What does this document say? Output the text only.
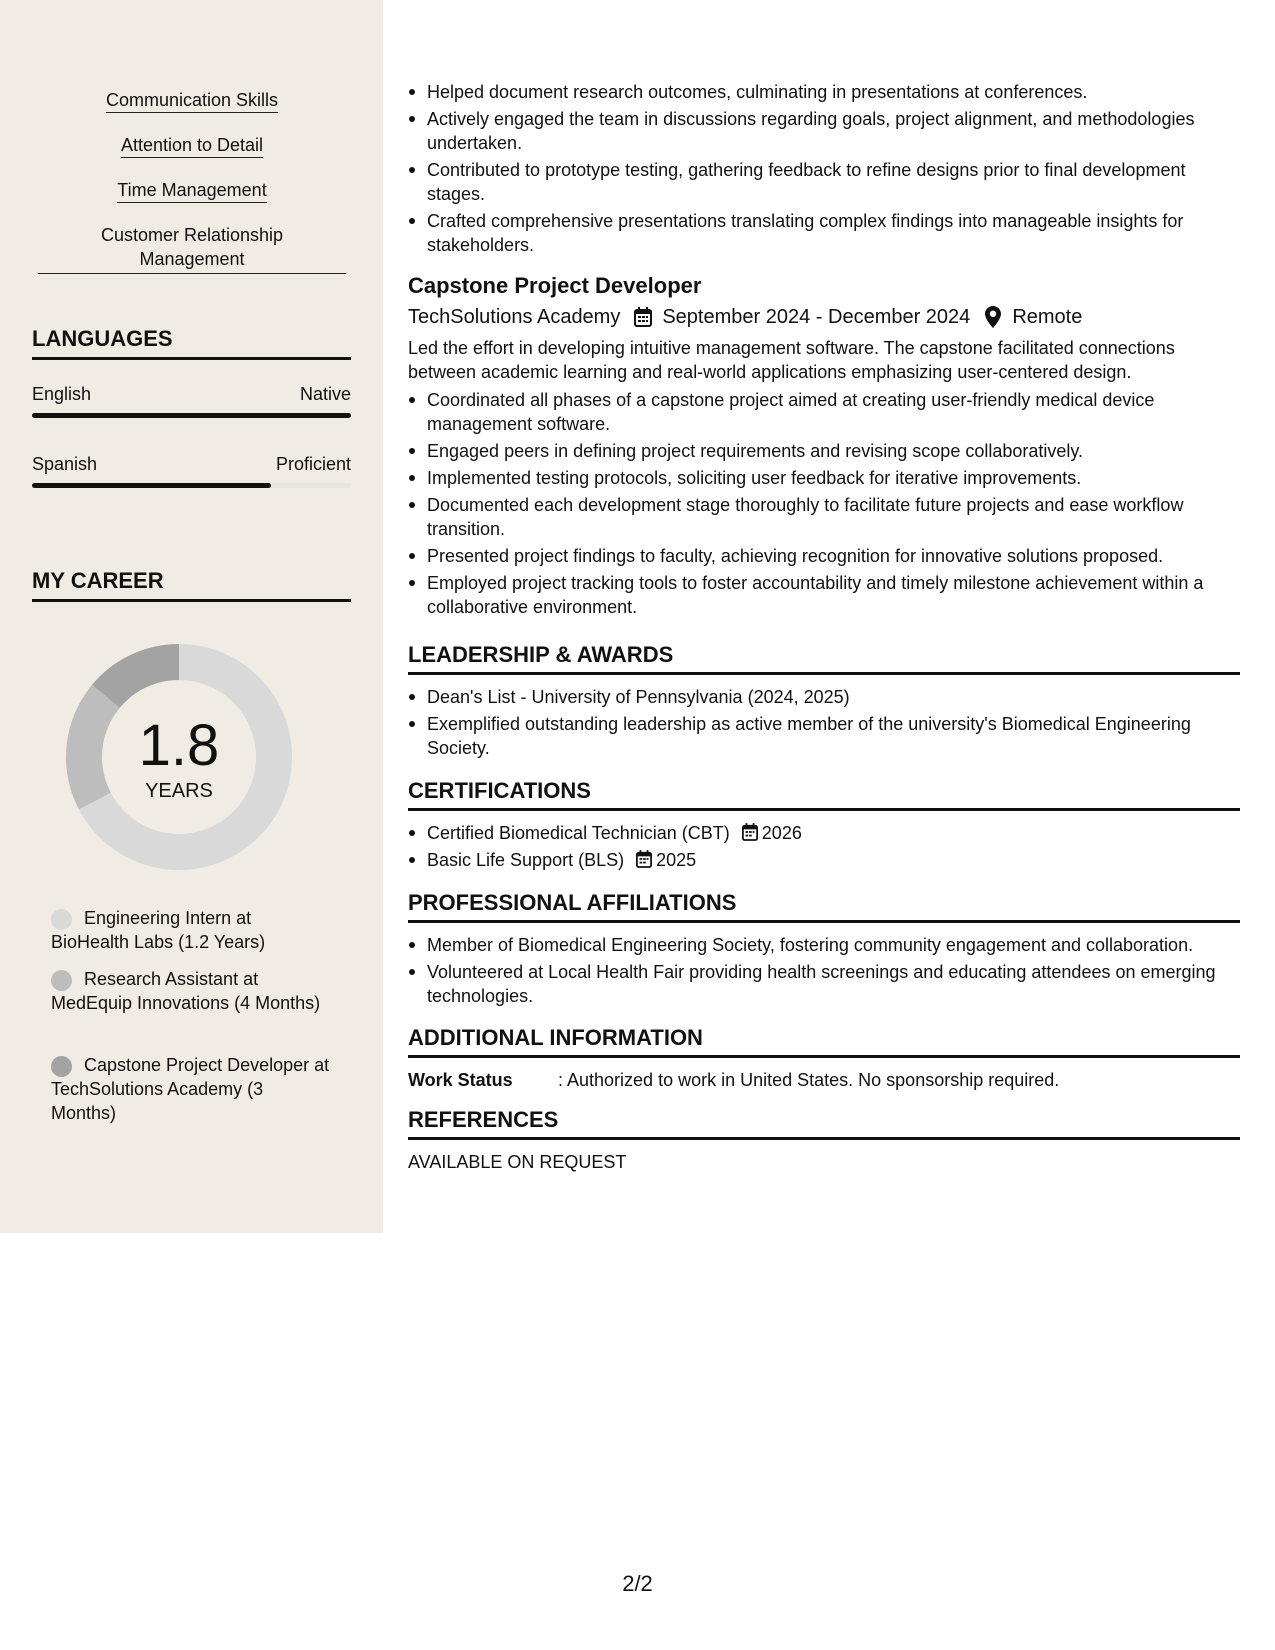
Communication Skills
Attention to Detail
Time Management
Customer Relationship Management
LANGUAGES
English	Native
Spanish	Proficient
MY CAREER
1.8
YEARS
Engineering Intern at BioHealth Labs (1.2 Years)
Research Assistant at MedEquip Innovations (4 Months)
Capstone Project Developer at TechSolutions Academy (3 Months)
Helped document research outcomes, culminating in presentations at conferences.
Actively engaged the team in discussions regarding goals, project alignment, and methodologies undertaken.
Contributed to prototype testing, gathering feedback to refine designs prior to final development stages.
Crafted comprehensive presentations translating complex findings into manageable insights for stakeholders.
Capstone Project Developer
TechSolutions Academy September 2024 - December 2024 Remote
Led the effort in developing intuitive management software. The capstone facilitated connections between academic learning and real-world applications emphasizing user-centered design.
Coordinated all phases of a capstone project aimed at creating user-friendly medical device management software.
Engaged peers in defining project requirements and revising scope collaboratively.
Implemented testing protocols, soliciting user feedback for iterative improvements.
Documented each development stage thoroughly to facilitate future projects and ease workflow transition.
Presented project findings to faculty, achieving recognition for innovative solutions proposed.
Employed project tracking tools to foster accountability and timely milestone achievement within a collaborative environment.
LEADERSHIP & AWARDS
Dean's List - University of Pennsylvania (2024, 2025)
Exemplified outstanding leadership as active member of the university's Biomedical Engineering Society.
CERTIFICATIONS
Certified Biomedical Technician (CBT) 2026
Basic Life Support (BLS) 2025
PROFESSIONAL AFFILIATIONS
Member of Biomedical Engineering Society, fostering community engagement and collaboration.
Volunteered at Local Health Fair providing health screenings and educating attendees on emerging technologies.
ADDITIONAL INFORMATION
Work Status	: Authorized to work in United States. No sponsorship required.
REFERENCES
AVAILABLE ON REQUEST
2/2
